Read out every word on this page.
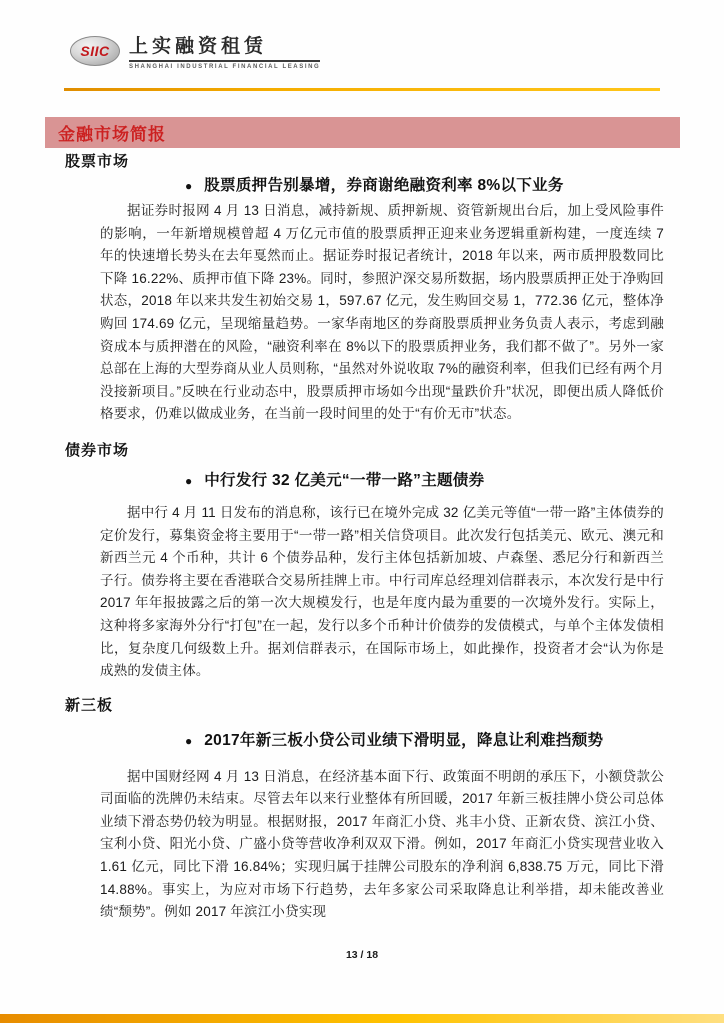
SIIC	上实融资租赁
SHANGHAI INDUSTRIAL FINANCIAL LEASING
金融市场简报
股票市场
● 股票质押告别暴增，券商谢绝融资利率 8%以下业务

据证券时报网 4 月 13 日消息，减持新规、质押新规、资管新规出台后，加上受风险事件的影响，一年新增规模曾超 4 万亿元市值的股票质押正迎来业务逻辑重新构建，一度连续 7 年的快速增长势头在去年戛然而止。据证券时报记者统计，2018 年以来，两市质押股数同比下降 16.22%、质押市值下降 23%。同时，参照沪深交易所数据，场内股票质押正处于净购回状态，2018 年以来共发生初始交易 1，597.67 亿元，发生购回交易 1，772.36 亿元，整体净购回 174.69 亿元，呈现缩量趋势。一家华南地区的券商股票质押业务负责人表示，考虑到融资成本与质押潜在的风险，“融资利率在 8%以下的股票质押业务，我们都不做了”。另外一家总部在上海的大型券商从业人员则称，“虽然对外说收取 7%的融资利率，但我们已经有两个月没接新项目。”反映在行业动态中，股票质押市场如今出现“量跌价升”状况，即便出质人降低价格要求，仍难以做成业务，在当前一段时间里的处于“有价无市”状态。

债券市场
● 中行发行 32 亿美元“一带一路”主题债券

据中行 4 月 11 日发布的消息称，该行已在境外完成 32 亿美元等值“一带一路”主体债券的定价发行，募集资金将主要用于“一带一路”相关信贷项目。此次发行包括美元、欧元、澳元和新西兰元 4 个币种，共计 6 个债券品种，发行主体包括新加坡、卢森堡、悉尼分行和新西兰子行。债券将主要在香港联合交易所挂牌上市。中行司库总经理刘信群表示，本次发行是中行 2017 年年报披露之后的第一次大规模发行，也是年度内最为重要的一次境外发行。实际上，这种将多家海外分行“打包”在一起，发行以多个币种计价债券的发债模式，与单个主体发债相比，复杂度几何级数上升。据刘信群表示，在国际市场上，如此操作，投资者才会“认为你是成熟的发债主体。

新三板
● 2017年新三板小贷公司业绩下滑明显，降息让利难挡颓势

据中国财经网 4 月 13 日消息，在经济基本面下行、政策面不明朗的承压下，小额贷款公司面临的洗牌仍未结束。尽管去年以来行业整体有所回暖，2017 年新三板挂牌小贷公司总体业绩下滑态势仍较为明显。根据财报，2017 年商汇小贷、兆丰小贷、正新农贷、滨江小贷、宝利小贷、阳光小贷、广盛小贷等营收净利双双下滑。例如，2017 年商汇小贷实现营业收入 1.61 亿元，同比下滑 16.84%；实现归属于挂牌公司股东的净利润 6,838.75 万元，同比下滑 14.88%。事实上，为应对市场下行趋势，去年多家公司采取降息让利举措，却未能改善业绩“颓势”。例如 2017 年滨江小贷实现

13 / 18
